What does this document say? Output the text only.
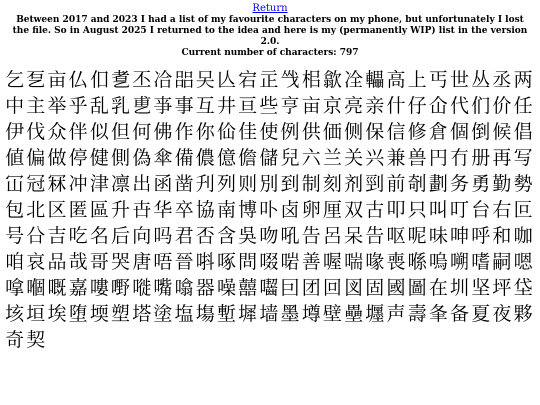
Return

Between 2017 and 2023 I had a list of my favourite characters on my phone, but unfortunately I lost the file. So in August 2025 I returned to the idea and here is my (permanently WIP) list in the version 2.0.

Current number of characters: 797

乞 乭 亩 仏 㐰 乽 丕 冾 㗊 㕦 亾 宕 㱏 㦰 㭒 歙 㓌 轠 高 上 丐 世 丛 丞 两
中 主 举 乎 乱 乳 乶 亊 事 互 井 亘 些 亨 亩 京 亮 亲 什 仔 仚 代 们 价 任
伊 伐 众 伴 似 但 何 佛 作 你 佡 佳 使 例 供 価 侧 保 信 修 倉 個 倒 候 倡
値 偏 做 停 健 側 偽 傘 備 儂 億 儋 儲 兒 六 兰 关 兴 兼 兽 円 冇 册 再 写
冚 冠 冧 冲 津 凛 出 函 凿 刋 列 则 別 到 制 刻 剂 剄 前 剞 劃 务 勇 勤 勢
包 北 区 匿 區 升 卋 华 卒 協 南 博 卟 卤 卵 厘 双 古 叩 只 叫 叮 台 右 叵
号 㕣 吉 吃 名 后 向 吗 君 否 含 吳 吻 吼 告 呂 呆 告 呕 呢 味 呻 呼 和 咖
咱 哀 品 哉 哥 哭 唐 唔 晉 唞 啄 問 啜 啱 善 喔 喘 喙 喪 喺 嗚 嗍 嗜 嗣 嗯
嗱 嗰 嘅 嘉 嘍 嘢 嘥 嘴 噏 器 噪 囍 囓 囙 团 回 図 固 國 圖 在 圳 坚 坪 垈
垓 垣 埃 堕 堧 塑 塔 塗 塩 塲 塹 墀 墙 墨 墫 壁 壘 壥 声 壽 夆 备 夏 夜 夥
奇 契
